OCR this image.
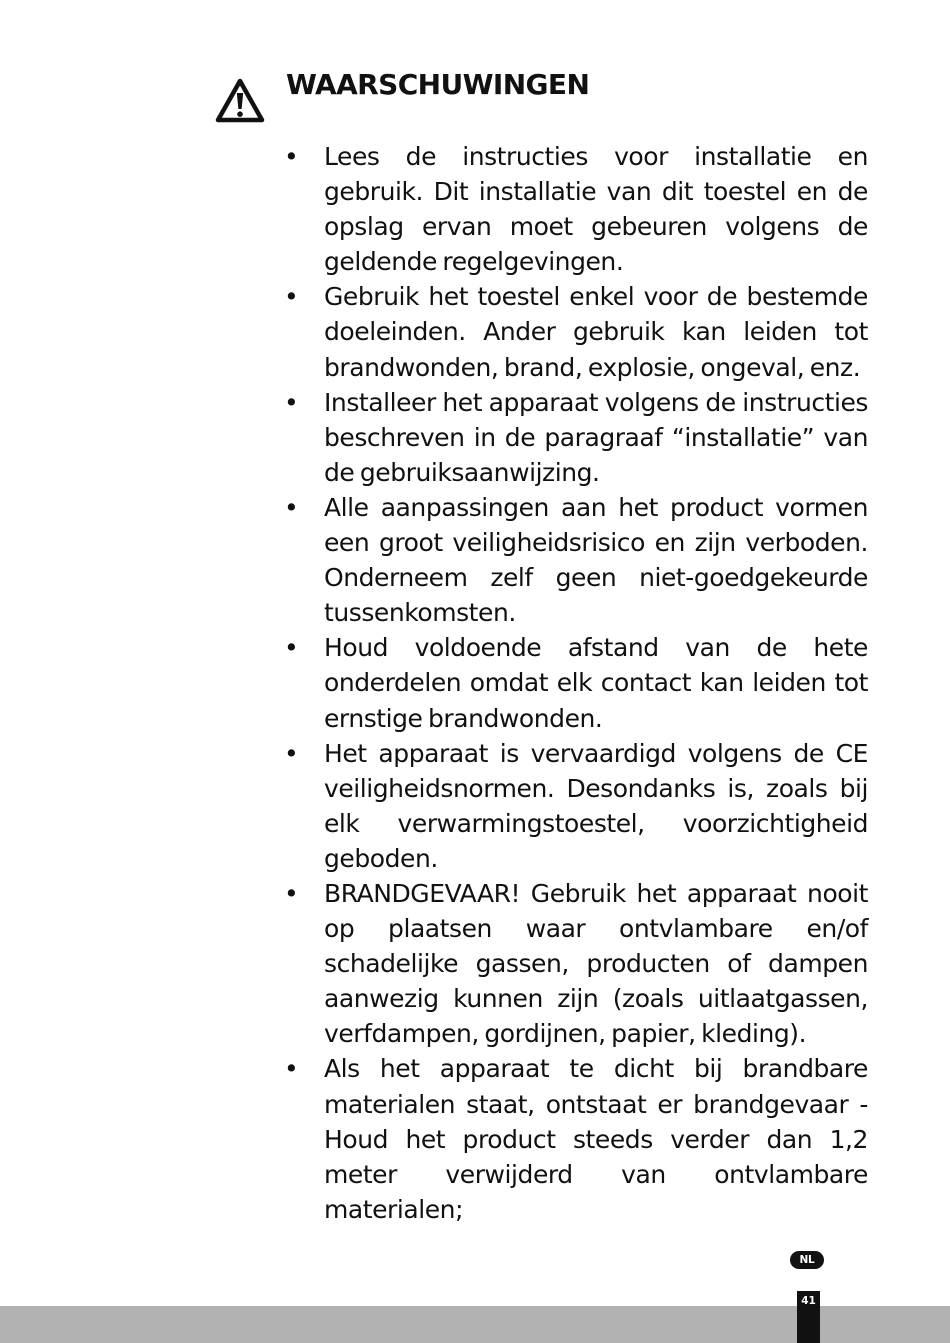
WAARSCHUWINGEN
• Lees de instructies voor installatie en gebruik. Dit installatie van dit toestel en de opslag ervan moet gebeuren volgens de geldende regelgevingen.
• Gebruik het toestel enkel voor de bestemde doeleinden. Ander gebruik kan leiden tot brandwonden, brand, explosie, ongeval, enz.
• Installeer het apparaat volgens de instructies beschreven in de paragraaf “installatie” van de gebruiksaanwijzing.
• Alle aanpassingen aan het product vormen een groot veiligheidsrisico en zijn verboden. Onderneem zelf geen niet-goedgekeurde tussenkomsten.
• Houd voldoende afstand van de hete onderdelen omdat elk contact kan leiden tot ernstige brandwonden.
• Het apparaat is vervaardigd volgens de CE veiligheidsnormen. Desondanks is, zoals bij elk verwarmingstoestel, voorzichtigheid geboden.
• BRANDGEVAAR! Gebruik het apparaat nooit op plaatsen waar ontvlambare en/of schadelijke gassen, producten of dampen aanwezig kunnen zijn (zoals uitlaatgassen, verfdampen, gordijnen, papier, kleding).
• Als het apparaat te dicht bij brandbare materialen staat, ontstaat er brandgevaar - Houd het product steeds verder dan 1,2 meter verwijderd van ontvlambare materialen;
NL
41
